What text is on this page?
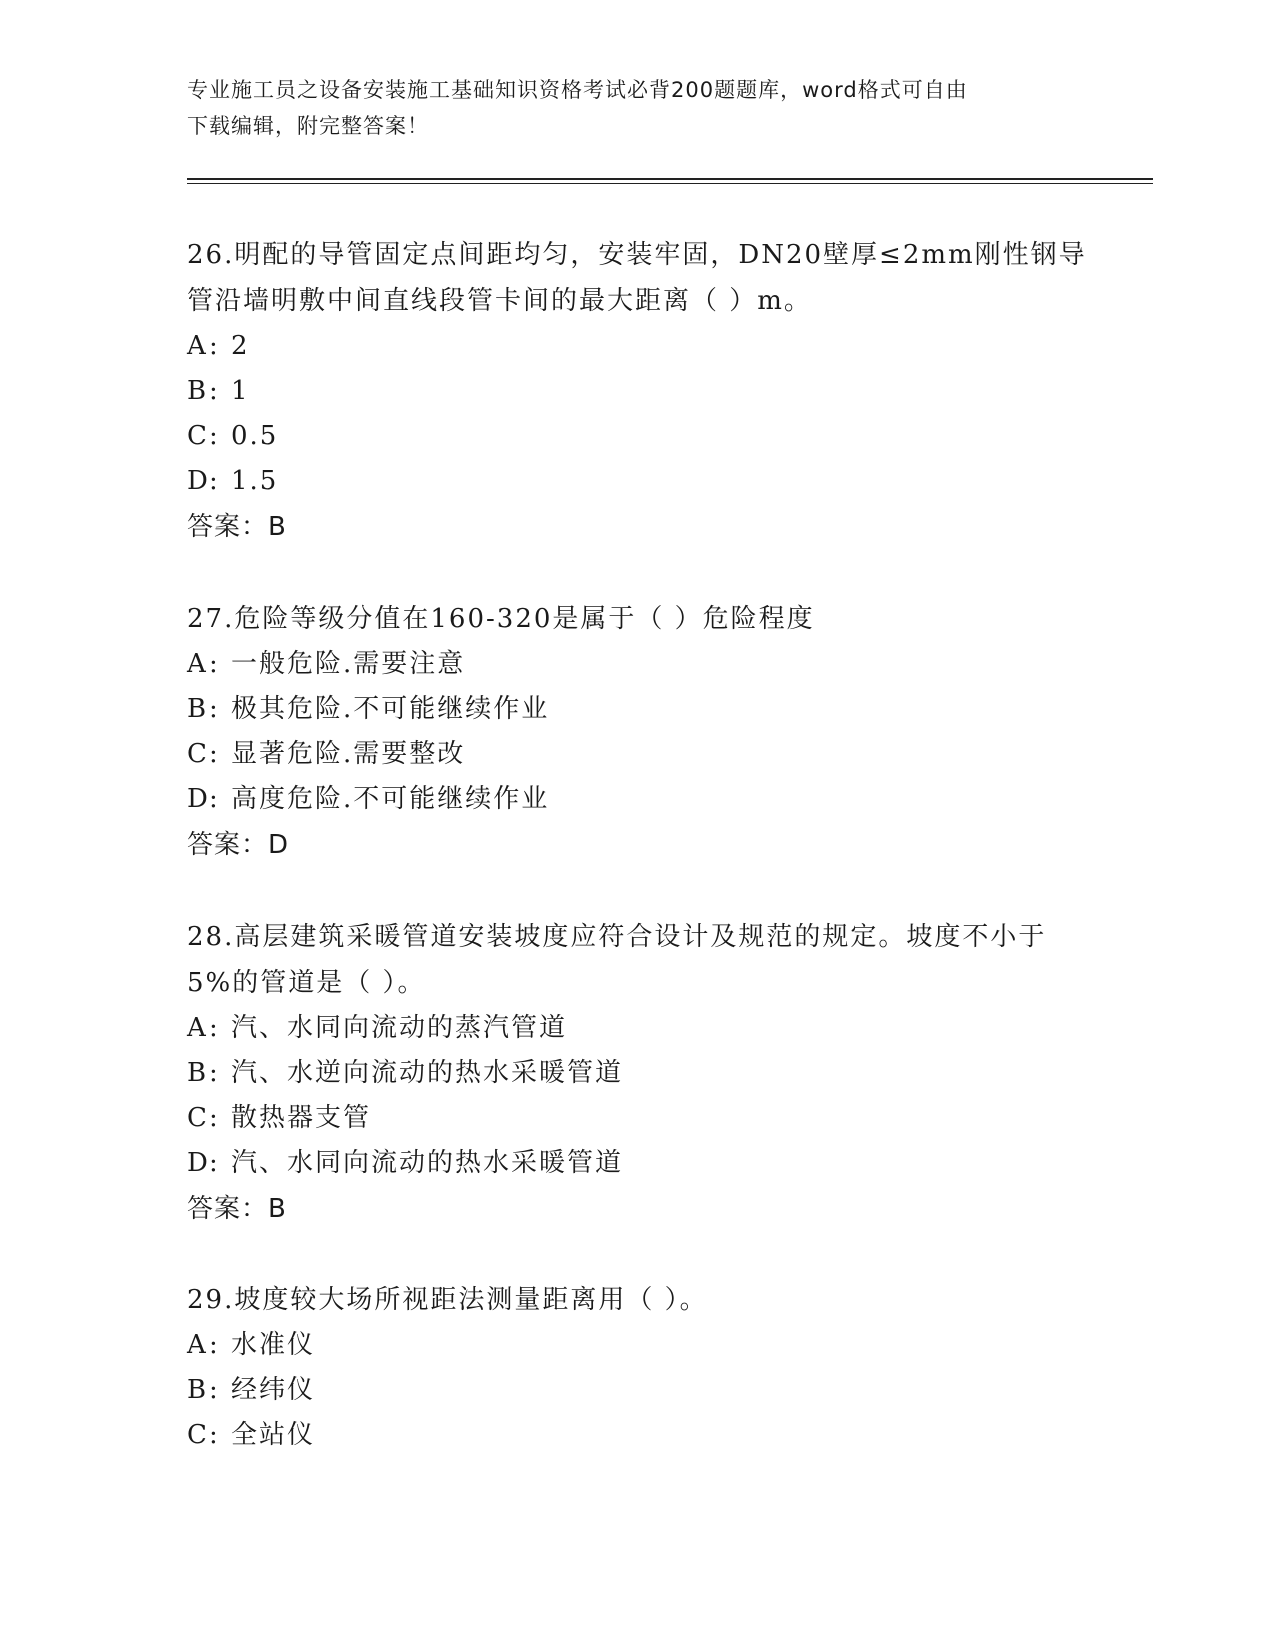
专业施工员之设备安装施工基础知识资格考试必背200题题库，word格式可自由
下载编辑，附完整答案！
26.明配的导管固定点间距均匀，安装牢固，DN20壁厚≤2mm刚性钢导
管沿墙明敷中间直线段管卡间的最大距离（ ）m。
A: 2
B: 1
C: 0.5
D: 1.5
答案：B
27.危险等级分值在160-320是属于（ ）危险程度
A: 一般危险.需要注意
B: 极其危险.不可能继续作业
C: 显著危险.需要整改
D: 高度危险.不可能继续作业
答案：D
28.高层建筑采暖管道安装坡度应符合设计及规范的规定。坡度不小于
5%的管道是（ ）。
A: 汽、水同向流动的蒸汽管道
B: 汽、水逆向流动的热水采暖管道
C: 散热器支管
D: 汽、水同向流动的热水采暖管道
答案：B
29.坡度较大场所视距法测量距离用（ ）。
A: 水准仪
B: 经纬仪
C: 全站仪
